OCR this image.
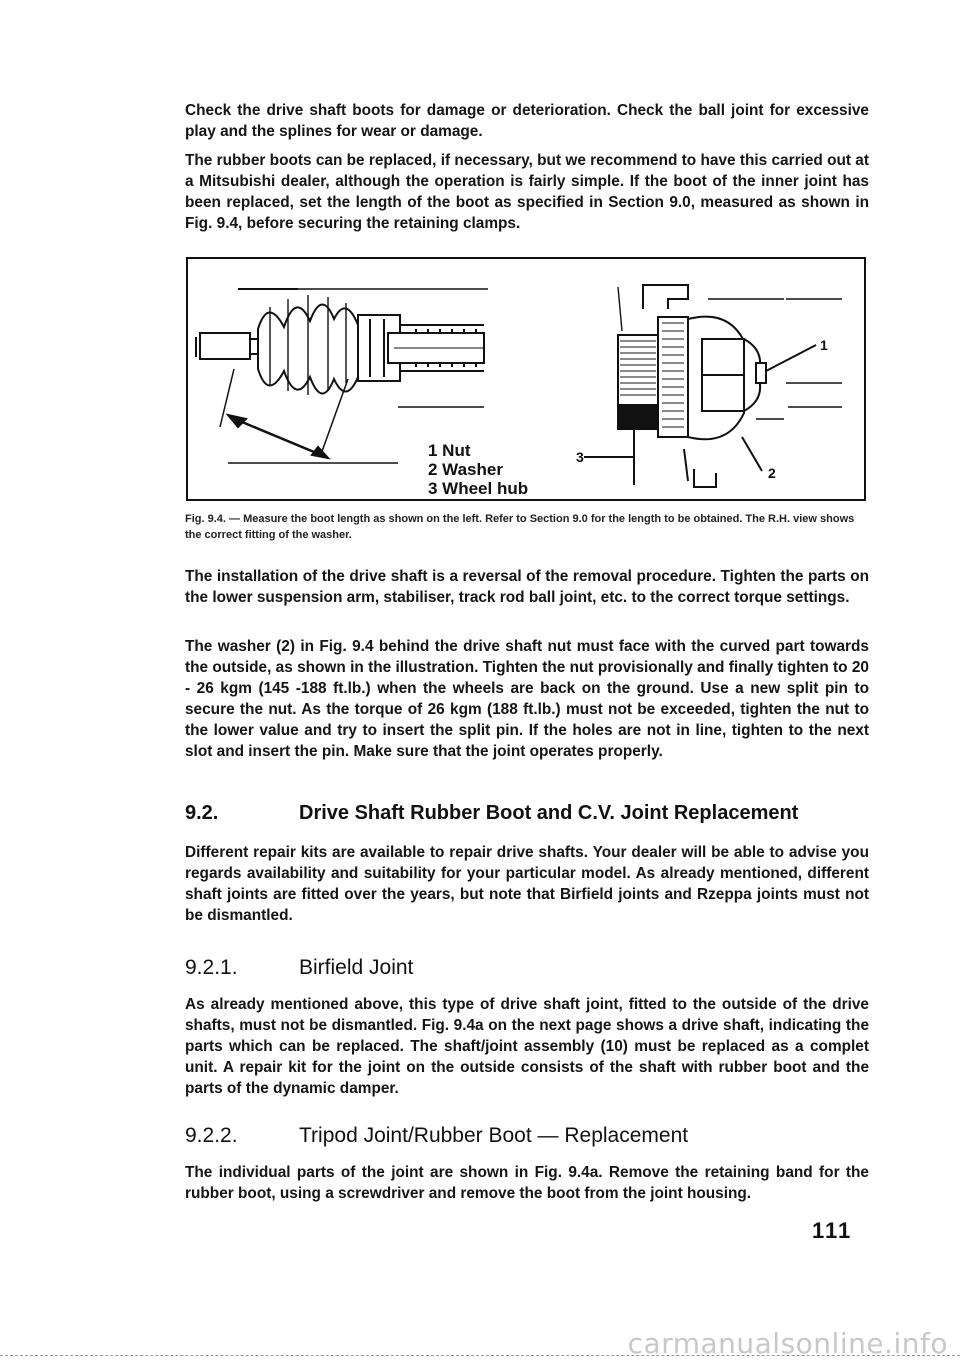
Check the drive shaft boots for damage or deterioration. Check the ball joint for excessive play and the splines for wear or damage.

The rubber boots can be replaced, if necessary, but we recommend to have this carried out at a Mitsubishi dealer, although the operation is fairly simple. If the boot of the inner joint has been replaced, set the length of the boot as specified in Section 9.0, measured as shown in Fig. 9.4, before securing the retaining clamps.

1 Nut
2 Washer
3 Wheel hub
1
2
3

Fig. 9.4. — Measure the boot length as shown on the left. Refer to Section 9.0 for the length to be obtained. The R.H. view shows the correct fitting of the washer.

The installation of the drive shaft is a reversal of the removal procedure. Tighten the parts on the lower suspension arm, stabiliser, track rod ball joint, etc. to the correct torque settings.

The washer (2) in Fig. 9.4 behind the drive shaft nut must face with the curved part towards the outside, as shown in the illustration. Tighten the nut provisionally and finally tighten to 20 - 26 kgm (145 -188 ft.lb.) when the wheels are back on the ground. Use a new split pin to secure the nut. As the torque of 26 kgm (188 ft.lb.) must not be exceeded, tighten the nut to the lower value and try to insert the split pin. If the holes are not in line, tighten to the next slot and insert the pin. Make sure that the joint operates properly.

9.2.	Drive Shaft Rubber Boot and C.V. Joint Replacement

Different repair kits are available to repair drive shafts. Your dealer will be able to advise you regards availability and suitability for your particular model. As already mentioned, different shaft joints are fitted over the years, but note that Birfield joints and Rzeppa joints must not be dismantled.

9.2.1.	Birfield Joint

As already mentioned above, this type of drive shaft joint, fitted to the outside of the drive shafts, must not be dismantled. Fig. 9.4a on the next page shows a drive shaft, indicating the parts which can be replaced. The shaft/joint assembly (10) must be replaced as a complet unit. A repair kit for the joint on the outside consists of the shaft with rubber boot and the parts of the dynamic damper.

9.2.2.	Tripod Joint/Rubber Boot — Replacement

The individual parts of the joint are shown in Fig. 9.4a. Remove the retaining band for the rubber boot, using a screwdriver and remove the boot from the joint housing.

111
carmanualsonline.info
